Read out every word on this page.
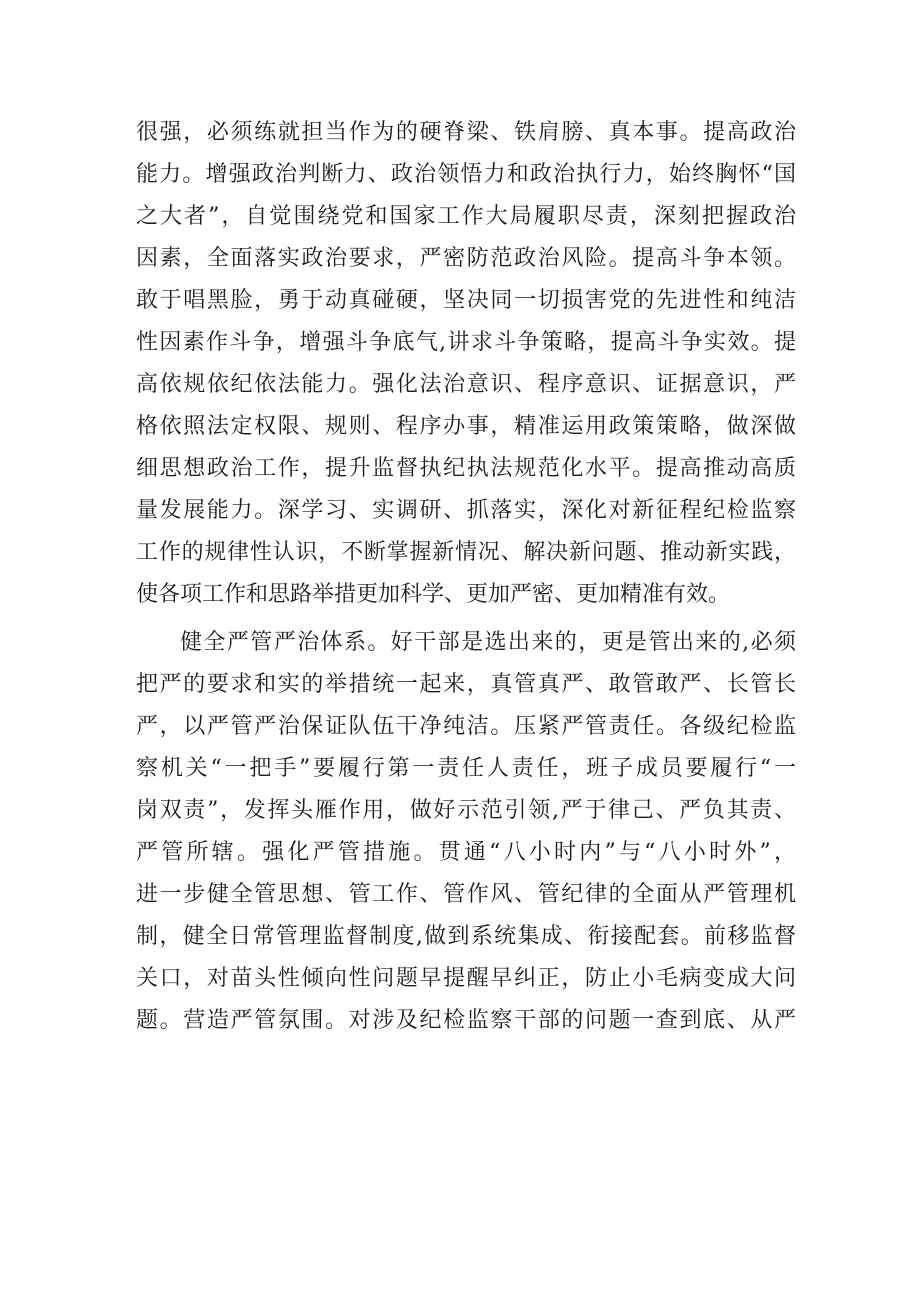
很强，必须练就担当作为的硬脊梁、铁肩膀、真本事。提高政治
能力。增强政治判断力、政治领悟力和政治执行力，始终胸怀“国
之大者”，自觉围绕党和国家工作大局履职尽责，深刻把握政治
因素，全面落实政治要求，严密防范政治风险。提高斗争本领。
敢于唱黑脸，勇于动真碰硬，坚决同一切损害党的先进性和纯洁
性因素作斗争，增强斗争底气,讲求斗争策略，提高斗争实效。提
高依规依纪依法能力。强化法治意识、程序意识、证据意识，严
格依照法定权限、规则、程序办事，精准运用政策策略，做深做
细思想政治工作，提升监督执纪执法规范化水平。提高推动高质
量发展能力。深学习、实调研、抓落实，深化对新征程纪检监察
工作的规律性认识，不断掌握新情况、解决新问题、推动新实践，
使各项工作和思路举措更加科学、更加严密、更加精准有效。
健全严管严治体系。好干部是选出来的，更是管出来的,必须
把严的要求和实的举措统一起来，真管真严、敢管敢严、长管长
严，以严管严治保证队伍干净纯洁。压紧严管责任。各级纪检监
察机关“一把手”要履行第一责任人责任，班子成员要履行“一
岗双责”，发挥头雁作用，做好示范引领,严于律己、严负其责、
严管所辖。强化严管措施。贯通“八小时内”与“八小时外”，
进一步健全管思想、管工作、管作风、管纪律的全面从严管理机
制，健全日常管理监督制度,做到系统集成、衔接配套。前移监督
关口，对苗头性倾向性问题早提醒早纠正，防止小毛病变成大问
题。营造严管氛围。对涉及纪检监察干部的问题一查到底、从严
